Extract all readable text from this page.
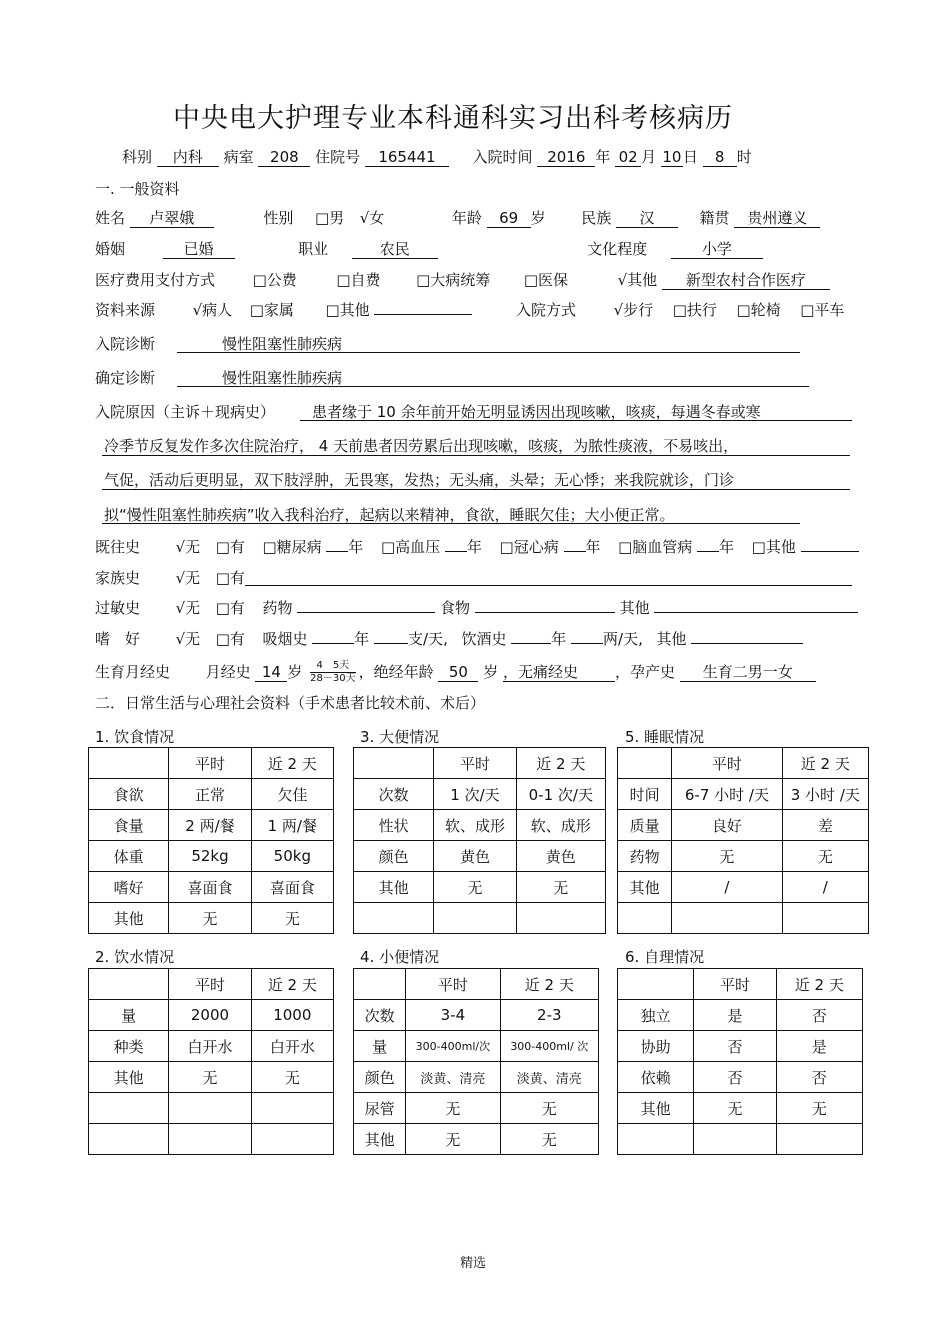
中央电大护理专业本科通科实习出科考核病历
科别 内科 病室 208 住院号 165441 入院时间 2016 年 02 月 10日 8 时
一. 一般资料
姓名 卢翠娥	性别 □男 √女	年龄 69 岁 民族 汉	籍贯 贵州遵义
婚姻	已婚	职业	农民	文化程度	小学
医疗费用支付方式	□公费	□自费 □大病统筹 □医保	√其他 新型农村合作医疗
资料来源	√病人 □家属 □其他	入院方式	√步行 □扶行 □轮椅 □平车
入院诊断	慢性阻塞性肺疾病
确定诊断	慢性阻塞性肺疾病
入院原因（主诉＋现病史） 患者缘于 10 余年前开始无明显诱因出现咳嗽，咳痰，每遇冬春或寒
冷季节反复发作多次住院治疗， 4 天前患者因劳累后出现咳嗽，咳痰，为脓性痰液，不易咳出，
气促，活动后更明显，双下肢浮肿，无畏寒，发热；无头痛，头晕；无心悸；来我院就诊，门诊
拟“慢性阻塞性肺疾病”收入我科治疗，起病以来精神，食欲，睡眠欠佳；大小便正常。
既往史 √无 □有 □糖尿病 年 □高血压 年 □冠心病 年 □脑血管病 年 □其他
家族史 √无 □有
过敏史 √无 □有 药物	食物	其他
嗜　好 √无 □有 吸烟史	年	支/天, 饮酒史	年 两/天, 其他
生育月经史 月经史 14 岁 $\frac{\text{4　5天}}{\text{28－30天}}$ ，绝经年龄 50 岁 ，无痛经史 ，孕产史 生育二男一女
二．日常生活与心理社会资料（手术患者比较术前、术后）
1. 饮食情况	3. 大便情况	5. 睡眠情况
2. 饮水情况	4. 小便情况	6. 自理情况
	平时	近 2 天
食欲	正常	欠佳
食量	2 两/餐	1 两/餐
体重	52kg	50kg
嗜好	喜面食	喜面食
其他	无	无
	平时	近 2 天
次数	1 次/天	0-1 次/天
性状	软、成形	软、成形
颜色	黄色	黄色
其他	无	无

	平时	近 2 天
时间	6-7 小时 /天	3 小时 /天
质量	良好	差
药物	无	无
其他	/	/

	平时	近 2 天
量	2000	1000
种类	白开水	白开水
其他	无	无

	平时	近 2 天
次数	3-4	2-3
量	300-400ml/次	300-400ml/ 次
颜色	淡黄、清亮	淡黄、清亮
尿管	无	无
其他	无	无
	平时	近 2 天
独立	是	否
协助	否	是
依赖	否	否
其他	无	无

精选
